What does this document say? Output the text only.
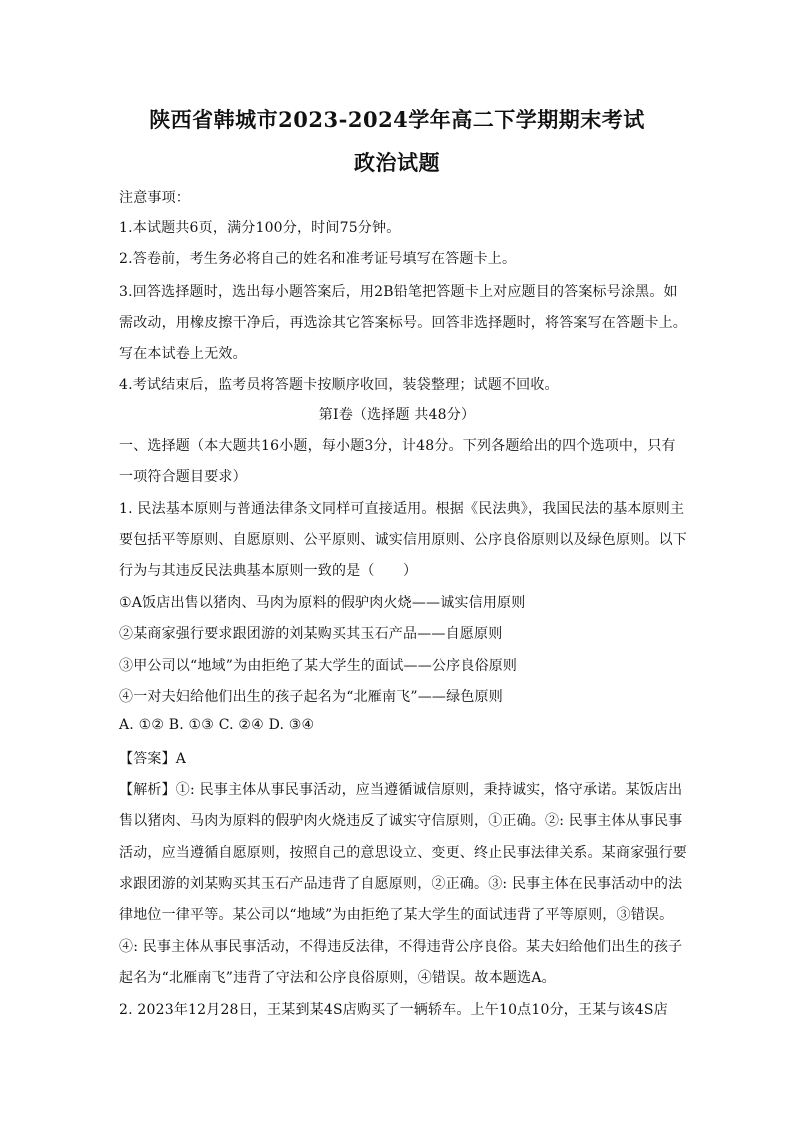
陕西省韩城市2023-2024学年高二下学期期末考试
政治试题
注意事项：
1.本试题共6页，满分100分，时间75分钟。
2.答卷前，考生务必将自己的姓名和准考证号填写在答题卡上。
3.回答选择题时，选出每小题答案后，用2B铅笔把答题卡上对应题目的答案标号涂黑。如
需改动，用橡皮擦干净后，再选涂其它答案标号。回答非选择题时，将答案写在答题卡上。
写在本试卷上无效。
4.考试结束后，监考员将答题卡按顺序收回，装袋整理；试题不回收。
第Ⅰ卷（选择题 共48分）
一、选择题（本大题共16小题，每小题3分，计48分。下列各题给出的四个选项中，只有
一项符合题目要求）
1. 民法基本原则与普通法律条文同样可直接适用。根据《民法典》，我国民法的基本原则主
要包括平等原则、自愿原则、公平原则、诚实信用原则、公序良俗原则以及绿色原则。以下
行为与其违反民法典基本原则一致的是（　　）
①A饭店出售以猪肉、马肉为原料的假驴肉火烧——诚实信用原则
②某商家强行要求跟团游的刘某购买其玉石产品——自愿原则
③甲公司以“地域”为由拒绝了某大学生的面试——公序良俗原则
④一对夫妇给他们出生的孩子起名为“北雁南飞”——绿色原则
A. ①② B. ①③ C. ②④ D. ③④
【答案】A
【解析】①: 民事主体从事民事活动，应当遵循诚信原则，秉持诚实，恪守承诺。某饭店出
售以猪肉、马肉为原料的假驴肉火烧违反了诚实守信原则，①正确。②: 民事主体从事民事
活动，应当遵循自愿原则，按照自己的意思设立、变更、终止民事法律关系。某商家强行要
求跟团游的刘某购买其玉石产品违背了自愿原则，②正确。③: 民事主体在民事活动中的法
律地位一律平等。某公司以“地域”为由拒绝了某大学生的面试违背了平等原则，③错误。
④: 民事主体从事民事活动，不得违反法律，不得违背公序良俗。某夫妇给他们出生的孩子
起名为“北雁南飞”违背了守法和公序良俗原则，④错误。故本题选A。
2. 2023年12月28日，王某到某4S店购买了一辆轿车。上午10点10分，王某与该4S店
